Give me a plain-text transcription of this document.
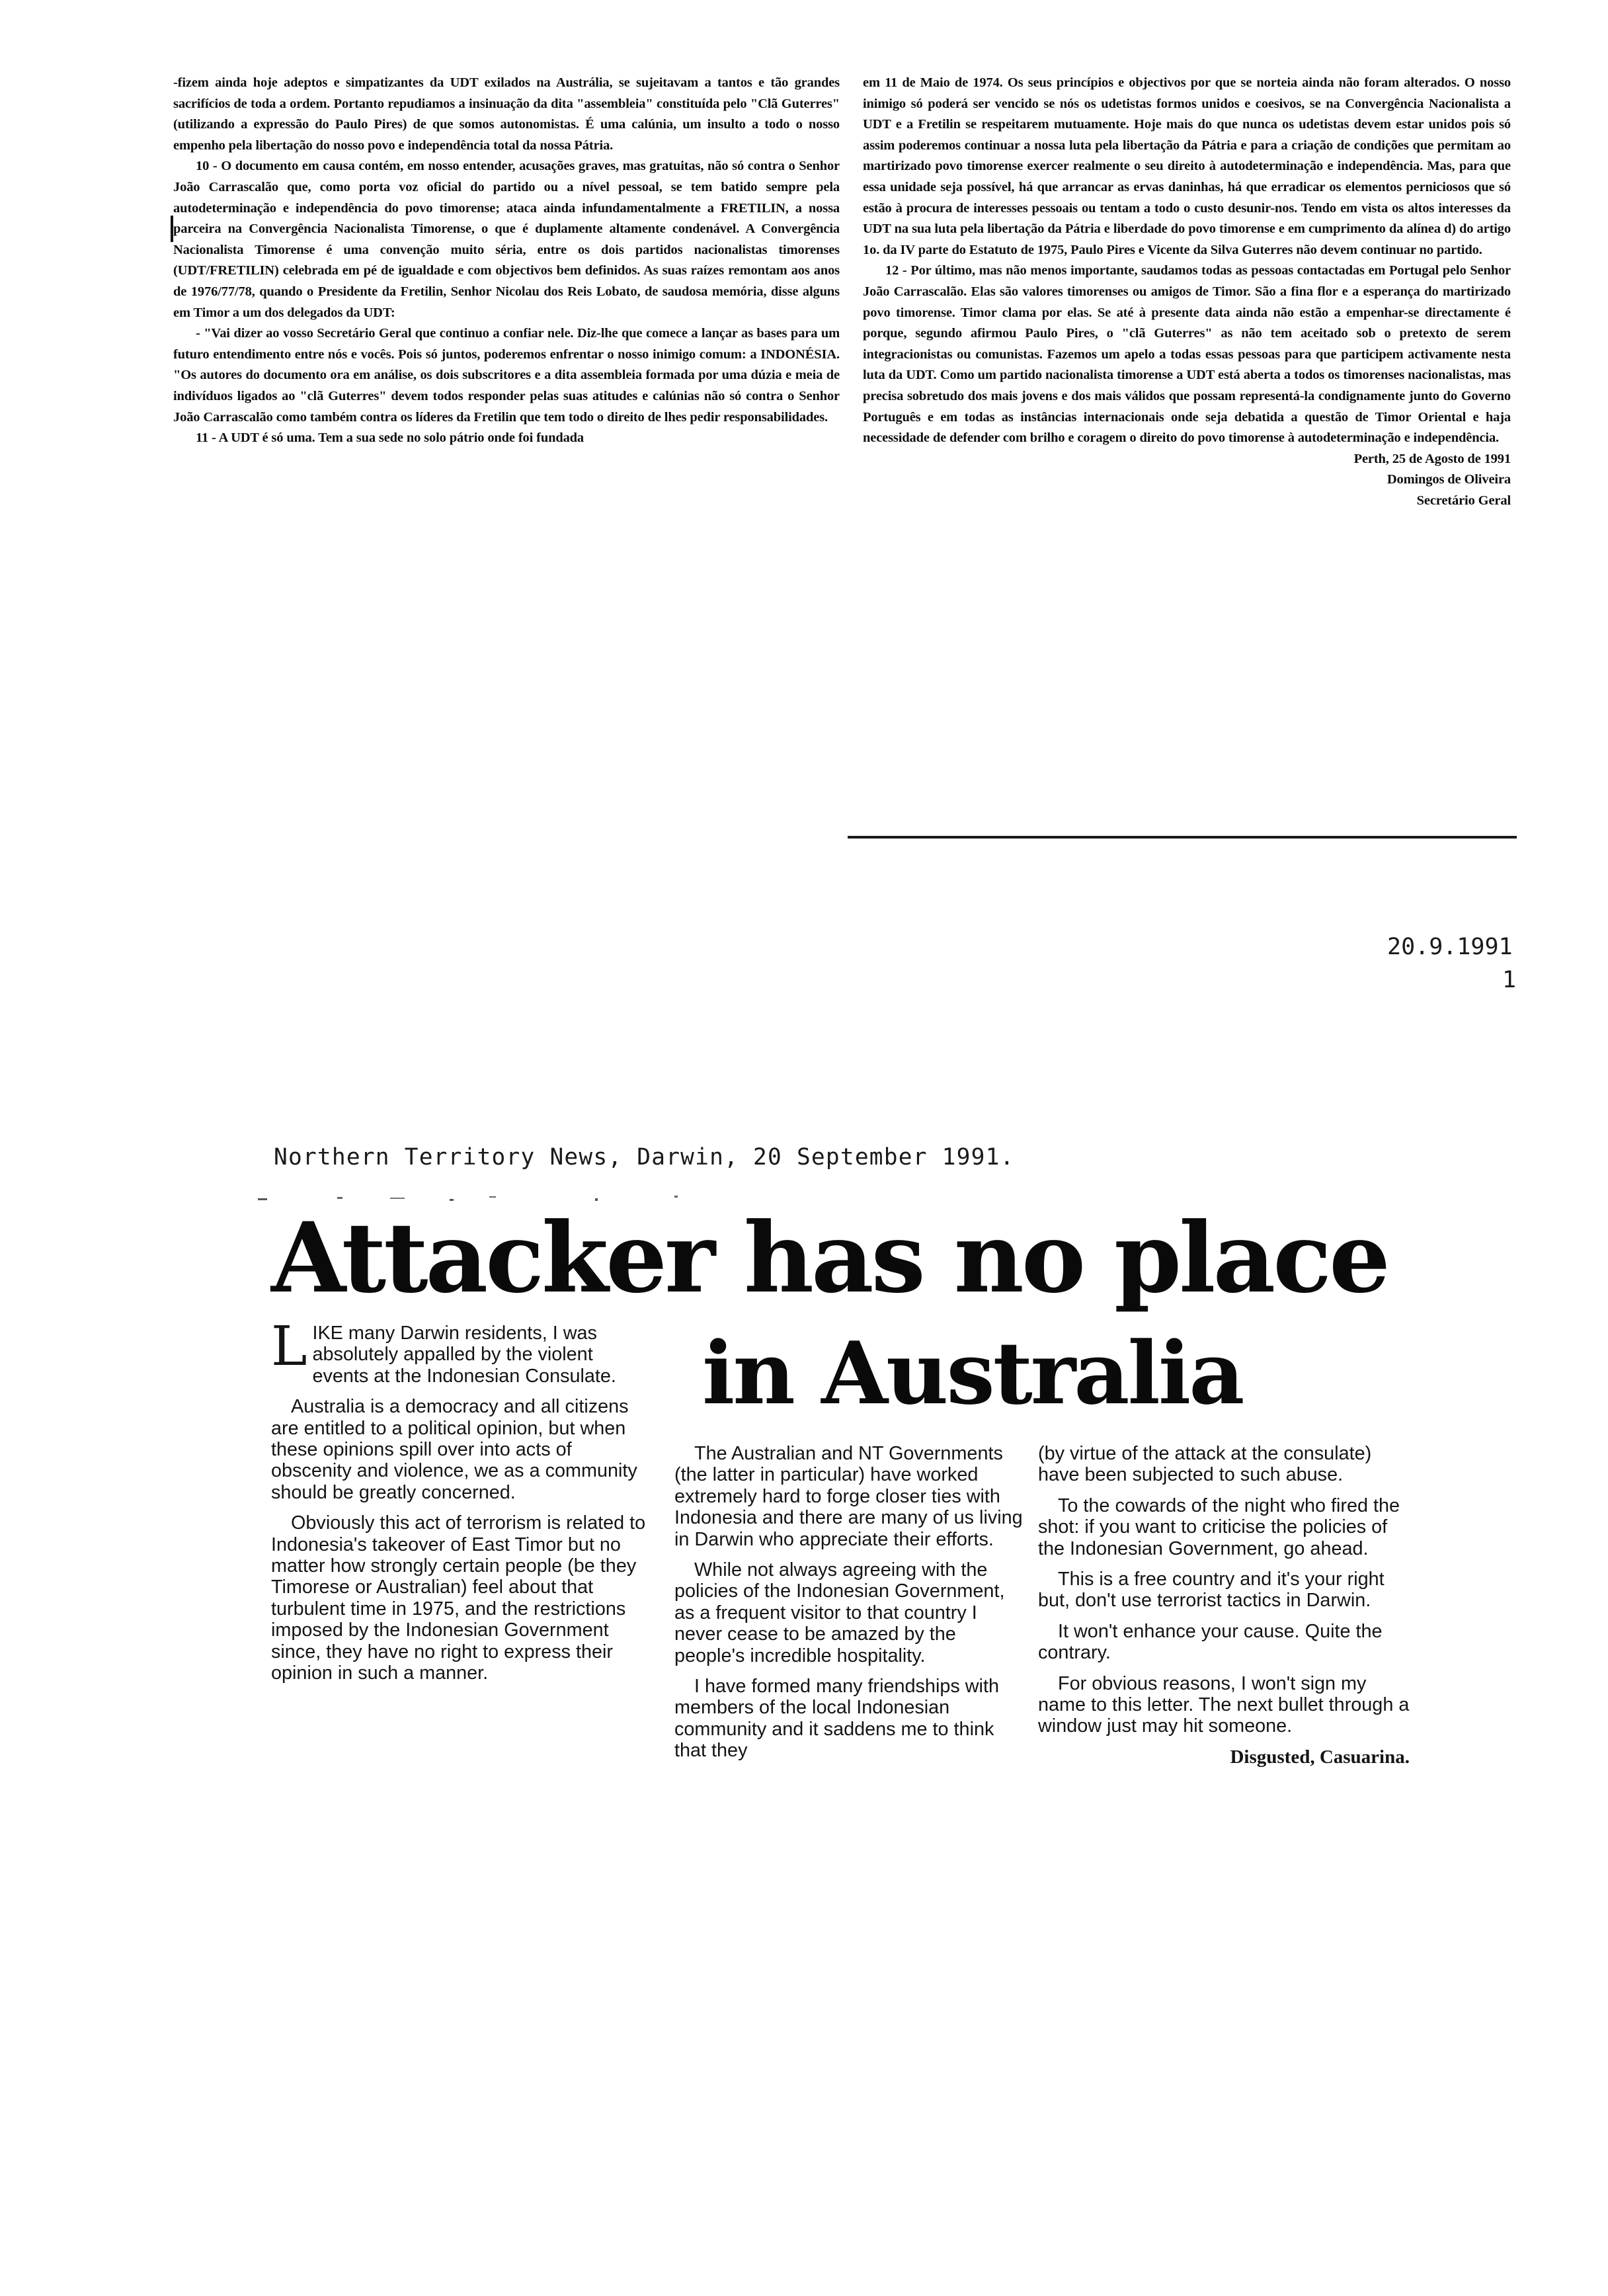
-fizem ainda hoje adeptos e simpatizantes da UDT exilados na Austrália, se sujeitavam a tantos e tão grandes sacrifícios de toda a ordem. Portanto repudiamos a insinuação da dita "assembleia" constituída pelo "Clã Guterres" (utilizando a expressão do Paulo Pires) de que somos autonomistas. É uma calúnia, um insulto a todo o nosso empenho pela libertação do nosso povo e independência total da nossa Pátria.

10 - O documento em causa contém, em nosso entender, acusações graves, mas gratuitas, não só contra o Senhor João Carrascalão que, como porta voz oficial do partido ou a nível pessoal, se tem batido sempre pela autodeterminação e independência do povo timorense; ataca ainda infundamentalmente a FRETILIN, a nossa parceira na Convergência Nacionalista Timorense, o que é duplamente altamente condenável. A Convergência Nacionalista Timorense é uma convenção muito séria, entre os dois partidos nacionalistas timorenses (UDT/FRETILIN) celebrada em pé de igualdade e com objectivos bem definidos. As suas raízes remontam aos anos de 1976/77/78, quando o Presidente da Fretilin, Senhor Nicolau dos Reis Lobato, de saudosa memória, disse alguns em Timor a um dos delegados da UDT:

- "Vai dizer ao vosso Secretário Geral que continuo a confiar nele. Diz-lhe que comece a lançar as bases para um futuro entendimento entre nós e vocês. Pois só juntos, poderemos enfrentar o nosso inimigo comum: a INDONÉSIA. "Os autores do documento ora em análise, os dois subscritores e a dita assembleia formada por uma dúzia e meia de indivíduos ligados ao "clã Guterres" devem todos responder pelas suas atitudes e calúnias não só contra o Senhor João Carrascalão como também contra os líderes da Fretilin que tem todo o direito de lhes pedir responsabilidades.

11 - A UDT é só uma. Tem a sua sede no solo pátrio onde foi fundada

em 11 de Maio de 1974. Os seus princípios e objectivos por que se norteia ainda não foram alterados. O nosso inimigo só poderá ser vencido se nós os udetistas formos unidos e coesivos, se na Convergência Nacionalista a UDT e a Fretilin se respeitarem mutuamente. Hoje mais do que nunca os udetistas devem estar unidos pois só assim poderemos continuar a nossa luta pela libertação da Pátria e para a criação de condições que permitam ao martirizado povo timorense exercer realmente o seu direito à autodeterminação e independência. Mas, para que essa unidade seja possível, há que arrancar as ervas daninhas, há que erradicar os elementos perniciosos que só estão à procura de interesses pessoais ou tentam a todo o custo desunir-nos. Tendo em vista os altos interesses da UDT na sua luta pela libertação da Pátria e liberdade do povo timorense e em cumprimento da alínea d) do artigo 1o. da IV parte do Estatuto de 1975, Paulo Pires e Vicente da Silva Guterres não devem continuar no partido.

12 - Por último, mas não menos importante, saudamos todas as pessoas contactadas em Portugal pelo Senhor João Carrascalão. Elas são valores timorenses ou amigos de Timor. São a fina flor e a esperança do martirizado povo timorense. Timor clama por elas. Se até à presente data ainda não estão a empenhar-se directamente é porque, segundo afirmou Paulo Pires, o "clã Guterres" as não tem aceitado sob o pretexto de serem integracionistas ou comunistas. Fazemos um apelo a todas essas pessoas para que participem activamente nesta luta da UDT. Como um partido nacionalista timorense a UDT está aberta a todos os timorenses nacionalistas, mas precisa sobretudo dos mais jovens e dos mais válidos que possam representá-la condignamente junto do Governo Português e em todas as instâncias internacionais onde seja debatida a questão de Timor Oriental e haja necessidade de defender com brilho e coragem o direito do povo timorense à autodeterminação e independência.

Perth, 25 de Agosto de 1991
Domingos de Oliveira
Secretário Geral
20.9.1991
1
Northern Territory News, Darwin, 20 September 1991.
Attacker has no place
in Australia

LIKE many Darwin residents, I was absolutely appalled by the violent events at the Indonesian Consulate.

Australia is a democracy and all citizens are entitled to a political opinion, but when these opinions spill over into acts of obscenity and violence, we as a community should be greatly concerned.

Obviously this act of terrorism is related to Indonesia's takeover of East Timor but no matter how strongly certain people (be they Timorese or Australian) feel about that turbulent time in 1975, and the restrictions imposed by the Indonesian Government since, they have no right to express their opinion in such a manner.

The Australian and NT Governments (the latter in particular) have worked extremely hard to forge closer ties with Indonesia and there are many of us living in Darwin who appreciate their efforts.

While not always agreeing with the policies of the Indonesian Government, as a frequent visitor to that country I never cease to be amazed by the people's incredible hospitality.

I have formed many friendships with members of the local Indonesian community and it saddens me to think that they

(by virtue of the attack at the consulate) have been subjected to such abuse.

To the cowards of the night who fired the shot: if you want to criticise the policies of the Indonesian Government, go ahead.

This is a free country and it's your right but, don't use terrorist tactics in Darwin.

It won't enhance your cause. Quite the contrary.

For obvious reasons, I won't sign my name to this letter. The next bullet through a window just may hit someone.

Disgusted, Casuarina.
